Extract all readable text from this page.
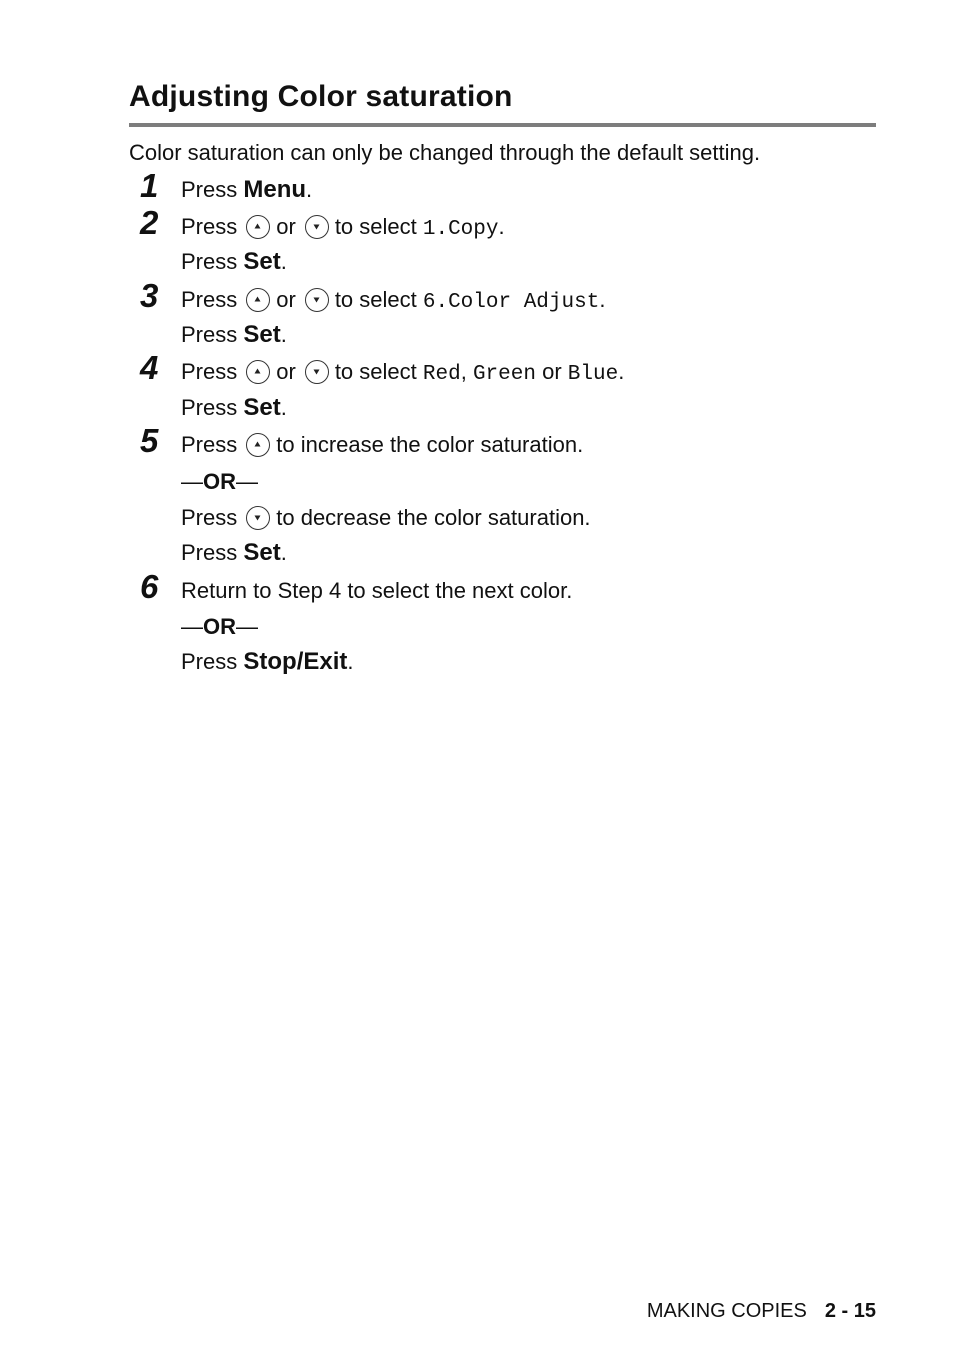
Adjusting Color saturation

Color saturation can only be changed through the default setting.

1 Press Menu.
2 Press or to select 1.Copy.
Press Set.
3 Press or to select 6.Color Adjust.
Press Set.
4 Press or to select Red, Green or Blue.
Press Set.
5 Press to increase the color saturation.
—OR—
Press to decrease the color saturation.
Press Set.
6 Return to Step 4 to select the next color.
—OR—
Press Stop/Exit.
MAKING COPIES 2 - 15
